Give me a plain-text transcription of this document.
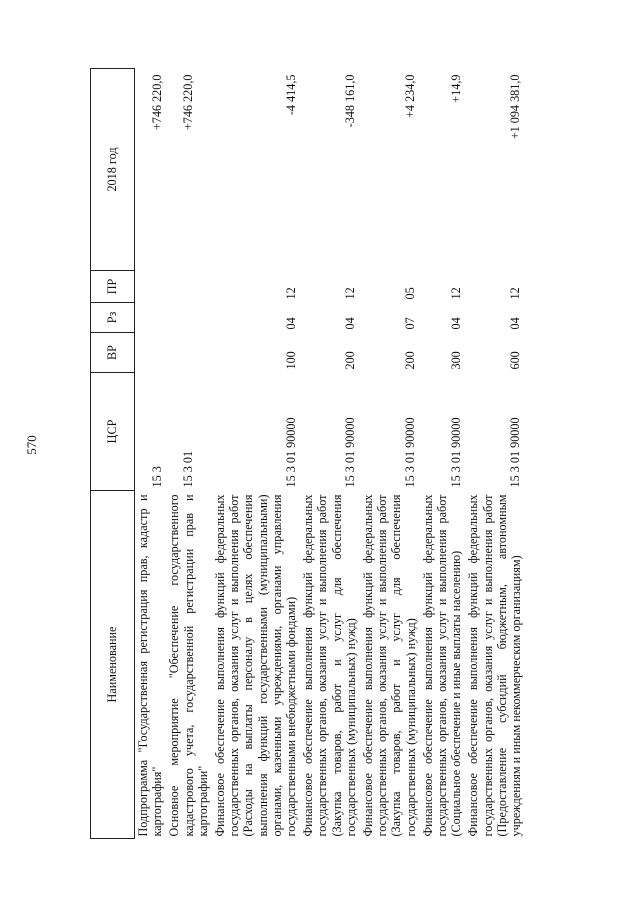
570
Наименование	ЦСР	ВР	Рз	ПР	2018 год
Подпрограмма "Государственная регистрация прав, кадастр и картография"	15 3				+746 220,0
Основное мероприятие "Обеспечение государственного кадастрового учета, государственной регистрации прав и картографии"	15 3 01				+746 220,0
Финансовое обеспечение выполнения функций федеральных государственных органов, оказания услуг и выполнения работ (Расходы на выплаты персоналу в целях обеспечения выполнения функций государственными (муниципальными) органами, казенными учреждениями, органами управления государственными внебюджетными фондами)	15 3 01 90000	100	04	12	-4 414,5
Финансовое обеспечение выполнения функций федеральных государственных органов, оказания услуг и выполнения работ (Закупка товаров, работ и услуг для обеспечения государственных (муниципальных) нужд)	15 3 01 90000	200	04	12	-348 161,0
Финансовое обеспечение выполнения функций федеральных государственных органов, оказания услуг и выполнения работ (Закупка товаров, работ и услуг для обеспечения государственных (муниципальных) нужд)	15 3 01 90000	200	07	05	+4 234,0
Финансовое обеспечение выполнения функций федеральных государственных органов, оказания услуг и выполнения работ (Социальное обеспечение и иные выплаты населению)	15 3 01 90000	300	04	12	+14,9
Финансовое обеспечение выполнения функций федеральных государственных органов, оказания услуг и выполнения работ (Предоставление субсидий бюджетным, автономным учреждениям и иным некоммерческим организациям)	15 3 01 90000	600	04	12	+1 094 381,0
